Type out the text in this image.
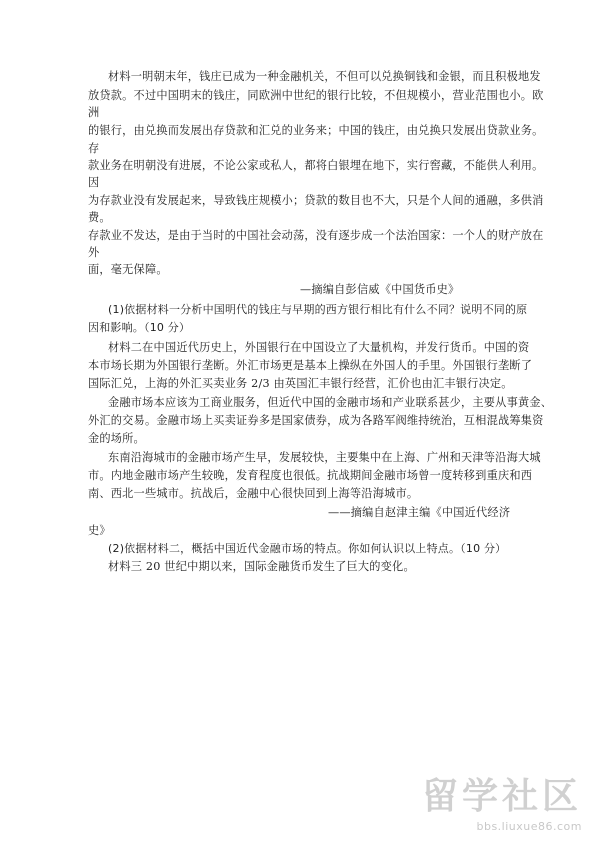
材料一明朝末年，钱庄已成为一种金融机关，不但可以兑换铜钱和金银，而且积极地发
放贷款。不过中国明末的钱庄，同欧洲中世纪的银行比较，不但规模小，营业范围也小。欧
洲
的银行，由兑换而发展出存贷款和汇兑的业务来；中国的钱庄，由兑换只发展出贷款业务。
存
款业务在明朝没有进展，不论公家或私人，都将白银埋在地下，实行窖藏，不能供人利用。
因
为存款业没有发展起来，导致钱庄规模小；贷款的数目也不大，只是个人间的通融，多供消
费。
存款业不发达，是由于当时的中国社会动荡，没有逐步成一个法治国家：一个人的财产放在
外
面，毫无保障。
—摘编自彭信威《中国货币史》
(1)依据材料一分析中国明代的钱庄与早期的西方银行相比有什么不同？说明不同的原
因和影响。（10 分）
材料二在中国近代历史上，外国银行在中国设立了大量机构，并发行货币。中国的资
本市场长期为外国银行垄断。外汇市场更是基本上操纵在外国人的手里。外国银行垄断了
国际汇兑，上海的外汇买卖业务 2/3 由英国汇丰银行经营，汇价也由汇丰银行决定。
金融市场本应该为工商业服务，但近代中国的金融市场和产业联系甚少，主要从事黄金、
外汇的交易。金融市场上买卖证券多是国家债券，成为各路军阀维持统治，互相混战筹集资
金的场所。
东南沿海城市的金融市场产生早，发展较快，主要集中在上海、广州和天津等沿海大城
市。内地金融市场产生较晚，发育程度也很低。抗战期间金融市场曾一度转移到重庆和西
南、西北一些城市。抗战后，金融中心很快回到上海等沿海城市。
——摘编自赵津主编《中国近代经济
史》
(2)依据材料二，概括中国近代金融市场的特点。你如何认识以上特点。（10 分）
材料三 20 世纪中期以来，国际金融货币发生了巨大的变化。
留学社区
bbs.liuxue86.com
